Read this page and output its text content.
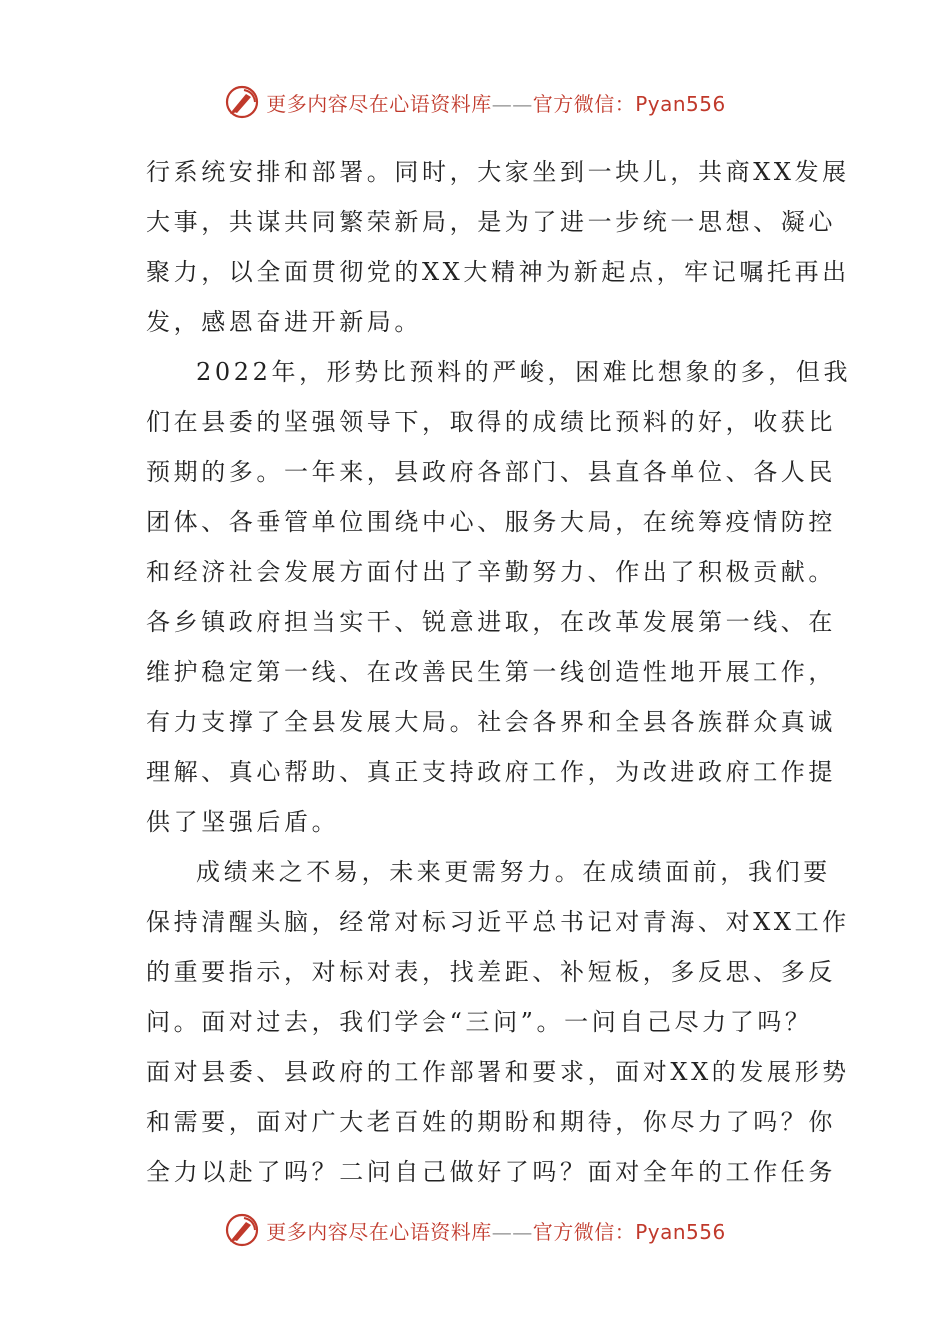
更多内容尽在心语资料库——官方微信：Pyan556
行系统安排和部署。同时，大家坐到一块儿，共商XX发展
大事，共谋共同繁荣新局，是为了进一步统一思想、凝心
聚力，以全面贯彻党的XX大精神为新起点，牢记嘱托再出
发，感恩奋进开新局。
2022年，形势比预料的严峻，困难比想象的多，但我
们在县委的坚强领导下，取得的成绩比预料的好，收获比
预期的多。一年来，县政府各部门、县直各单位、各人民
团体、各垂管单位围绕中心、服务大局，在统筹疫情防控
和经济社会发展方面付出了辛勤努力、作出了积极贡献。
各乡镇政府担当实干、锐意进取，在改革发展第一线、在
维护稳定第一线、在改善民生第一线创造性地开展工作，
有力支撑了全县发展大局。社会各界和全县各族群众真诚
理解、真心帮助、真正支持政府工作，为改进政府工作提
供了坚强后盾。
成绩来之不易，未来更需努力。在成绩面前，我们要
保持清醒头脑，经常对标习近平总书记对青海、对XX工作
的重要指示，对标对表，找差距、补短板，多反思、多反
问。面对过去，我们学会“三问”。一问自己尽力了吗？
面对县委、县政府的工作部署和要求，面对XX的发展形势
和需要，面对广大老百姓的期盼和期待，你尽力了吗？你
全力以赴了吗？二问自己做好了吗？面对全年的工作任务
更多内容尽在心语资料库——官方微信：Pyan556
